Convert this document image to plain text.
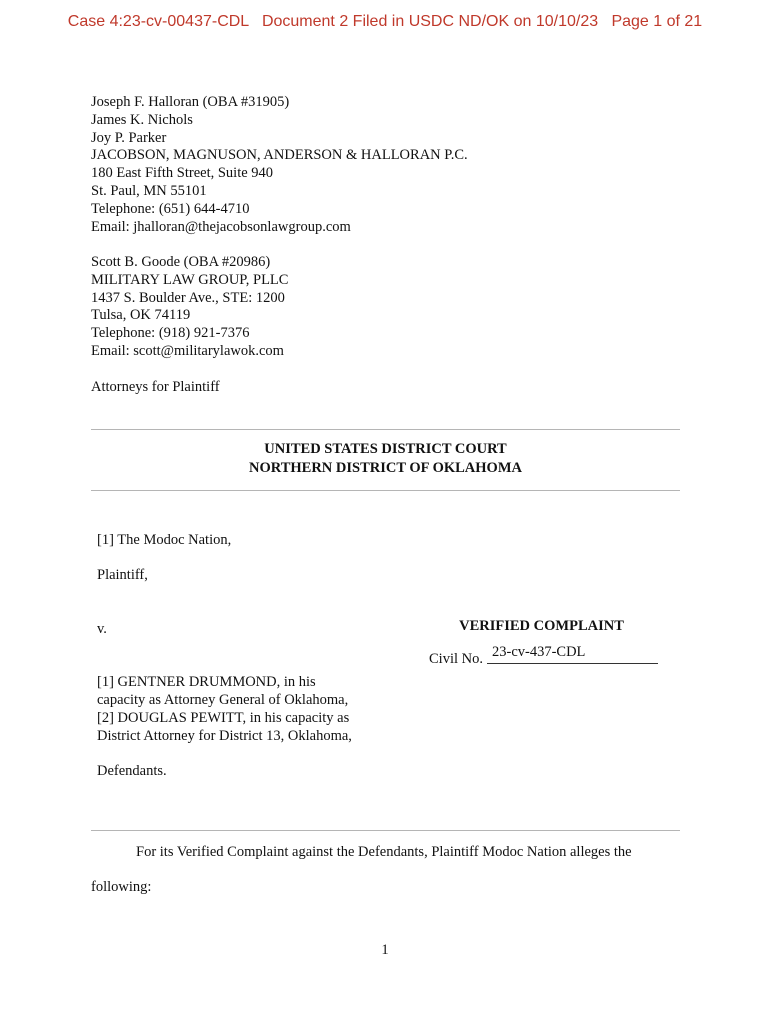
Case 4:23-cv-00437-CDL Document 2 Filed in USDC ND/OK on 10/10/23 Page 1 of 21
Joseph F. Halloran (OBA #31905)
James K. Nichols
Joy P. Parker
JACOBSON, MAGNUSON, ANDERSON & HALLORAN P.C.
180 East Fifth Street, Suite 940
St. Paul, MN 55101
Telephone: (651) 644-4710
Email: jhalloran@thejacobsonlawgroup.com
Scott B. Goode (OBA #20986)
MILITARY LAW GROUP, PLLC
1437 S. Boulder Ave., STE: 1200
Tulsa, OK 74119
Telephone: (918) 921-7376
Email: scott@militarylawok.com
Attorneys for Plaintiff
UNITED STATES DISTRICT COURT
NORTHERN DISTRICT OF OKLAHOMA
[1] The Modoc Nation,
Plaintiff,
v.
[1] GENTNER DRUMMOND, in his
capacity as Attorney General of Oklahoma,
[2] DOUGLAS PEWITT, in his capacity as
District Attorney for District 13, Oklahoma,
Defendants.
VERIFIED COMPLAINT
Civil No. 23-cv-437-CDL
For its Verified Complaint against the Defendants, Plaintiff Modoc Nation alleges the
following:
1
